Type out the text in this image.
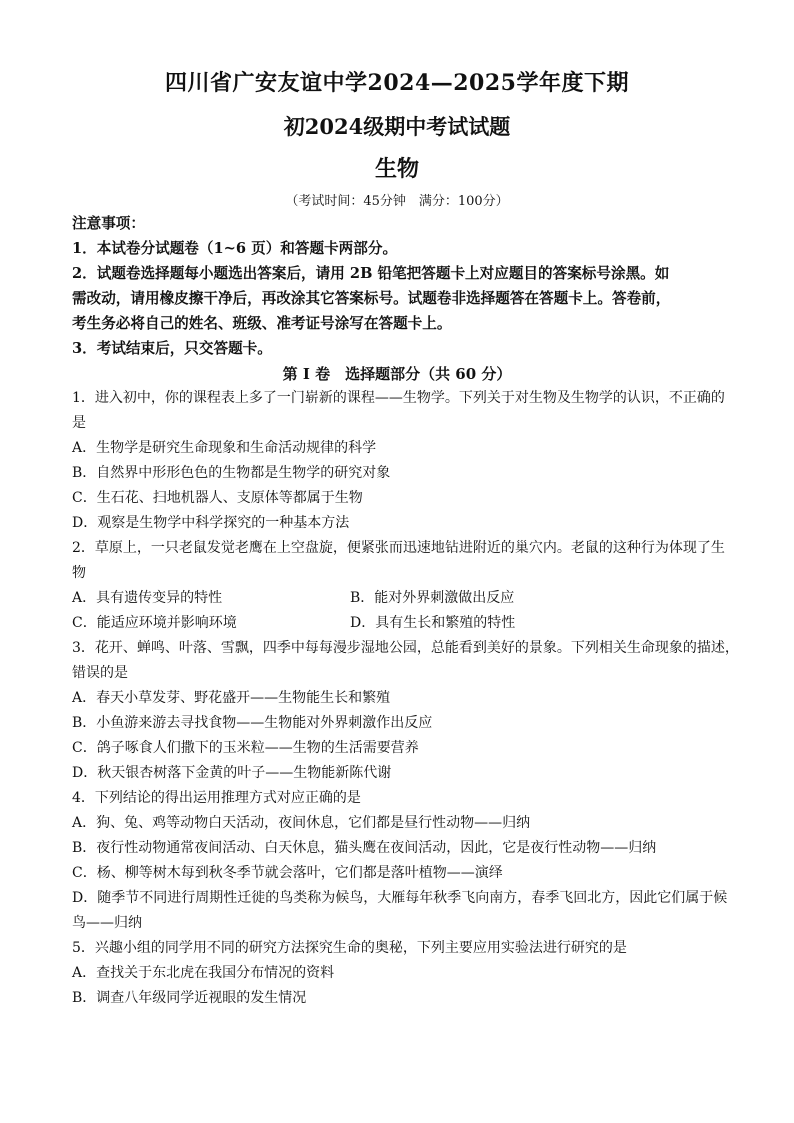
四川省广安友谊中学2024—2025学年度下期
初2024级期中考试试题
生物
（考试时间：45分钟　满分：100分）
注意事项：
1．本试卷分试题卷（1~6 页）和答题卡两部分。
2．试题卷选择题每小题选出答案后，请用 2B 铅笔把答题卡上对应题目的答案标号涂黑。如
需改动，请用橡皮擦干净后，再改涂其它答案标号。试题卷非选择题答在答题卡上。答卷前，
考生务必将自己的姓名、班级、准考证号涂写在答题卡上。
3．考试结束后，只交答题卡。
第 I 卷　选择题部分（共 60 分）
1．进入初中，你的课程表上多了一门崭新的课程——生物学。下列关于对生物及生物学的认识，不正确的
是
A．生物学是研究生命现象和生命活动规律的科学
B．自然界中形形色色的生物都是生物学的研究对象
C．生石花、扫地机器人、支原体等都属于生物
D．观察是生物学中科学探究的一种基本方法
2．草原上，一只老鼠发觉老鹰在上空盘旋，便紧张而迅速地钻进附近的巢穴内。老鼠的这种行为体现了生
物
A．具有遗传变异的特性	B．能对外界刺激做出反应
C．能适应环境并影响环境	D．具有生长和繁殖的特性
3．花开、蝉鸣、叶落、雪飘，四季中每每漫步湿地公园，总能看到美好的景象。下列相关生命现象的描述，
错误的是
A．春天小草发芽、野花盛开——生物能生长和繁殖
B．小鱼游来游去寻找食物——生物能对外界刺激作出反应
C．鸽子啄食人们撒下的玉米粒——生物的生活需要营养
D．秋天银杏树落下金黄的叶子——生物能新陈代谢
4．下列结论的得出运用推理方式对应正确的是
A．狗、兔、鸡等动物白天活动，夜间休息，它们都是昼行性动物——归纳
B．夜行性动物通常夜间活动、白天休息，猫头鹰在夜间活动，因此，它是夜行性动物——归纳
C．杨、柳等树木每到秋冬季节就会落叶，它们都是落叶植物——演绎
D．随季节不同进行周期性迁徙的鸟类称为候鸟，大雁每年秋季飞向南方，春季飞回北方，因此它们属于候
鸟——归纳
5．兴趣小组的同学用不同的研究方法探究生命的奥秘，下列主要应用实验法进行研究的是
A．查找关于东北虎在我国分布情况的资料
B．调查八年级同学近视眼的发生情况
